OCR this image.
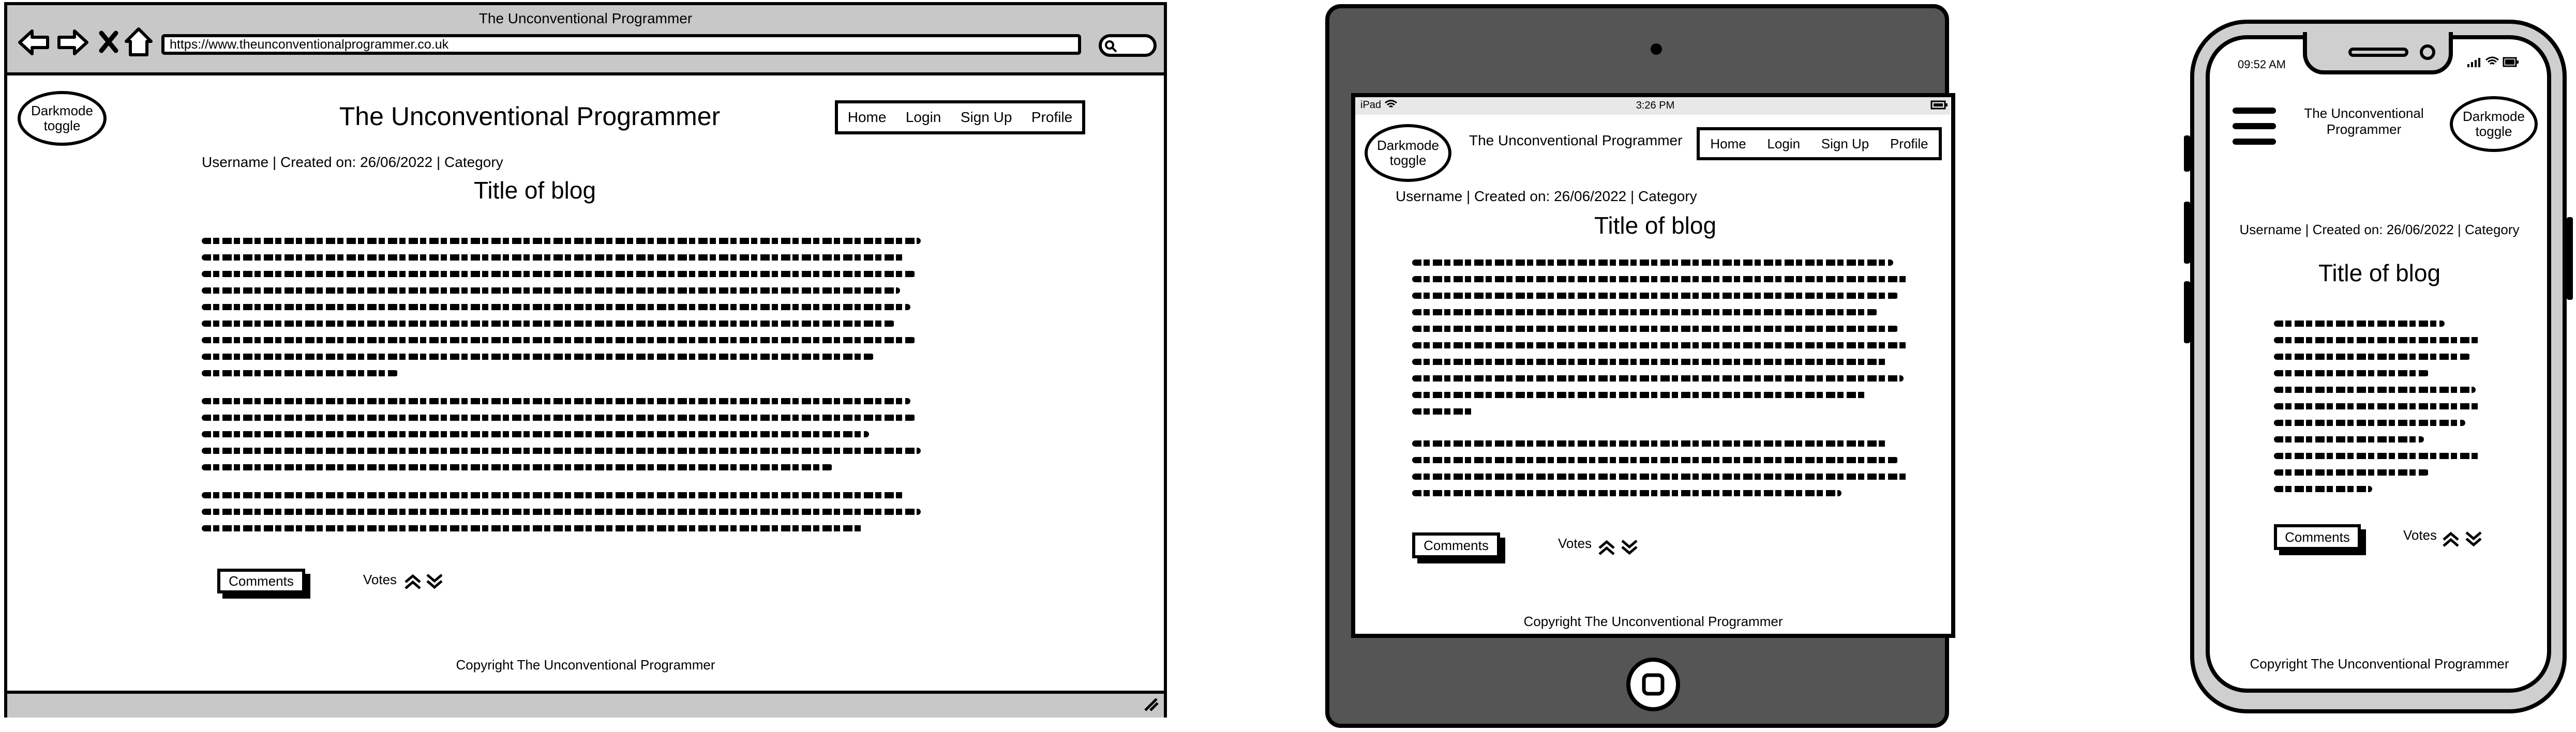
The Unconventional Programmer
https://www.theunconventionalprogrammer.co.uk
Darkmode
toggle	The Unconventional Programmer	Home Login Sign Up Profile
Username | Created on: 26/06/2022 | Category
Title of blog
Comments	Votes
Copyright The Unconventional Programmer
iPad	3:26 PM
Darkmode
toggle
The Unconventional Programmer Home Login Sign Up Profile
Username | Created on: 26/06/2022 | Category
Title of blog
Comments	Votes
Copyright The Unconventional Programmer
09:52 AM
The Unconventional Programmer
Darkmode
toggle
Username | Created on: 26/06/2022 | Category
Title of blog
Comments	Votes
Copyright The Unconventional Programmer
